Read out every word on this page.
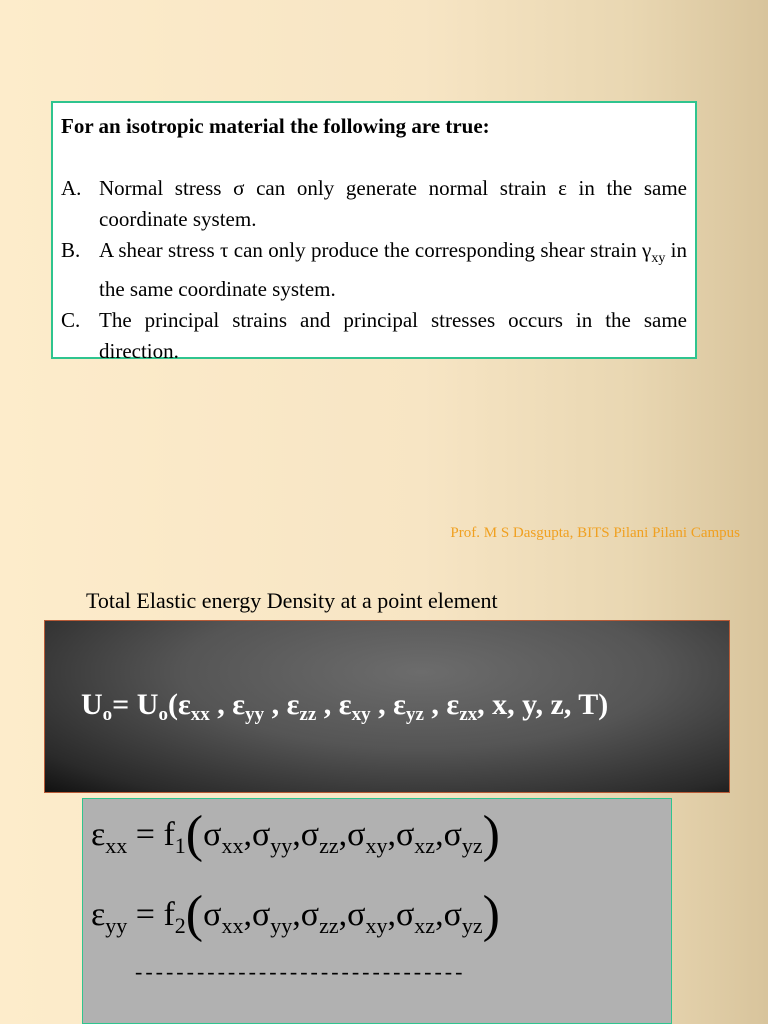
For an isotropic material the following are true:
A. Normal stress σ can only generate normal strain ε in the same coordinate system.
B. A shear stress τ can only produce the corresponding shear strain $\gamma_{xy}$ in the same coordinate system.
C. The principal strains and principal stresses occurs in the same direction.
Prof. M S Dasgupta, BITS Pilani Pilani Campus
Total Elastic energy Density at a point element
$U_o= U_o(\varepsilon_{xx}$ , $\varepsilon_{yy}$ , $\varepsilon_{zz}$ , $\varepsilon_{xy}$ , $\varepsilon_{yz}$ , $\varepsilon_{zx}$, x, y, z, T)
$\varepsilon_{xx} = f_1(\sigma_{xx},\sigma_{yy},\sigma_{zz},\sigma_{xy},\sigma_{xz},\sigma_{yz})$
$\varepsilon_{yy} = f_2(\sigma_{xx},\sigma_{yy},\sigma_{zz},\sigma_{xy},\sigma_{xz},\sigma_{yz})$
--------------------------------
